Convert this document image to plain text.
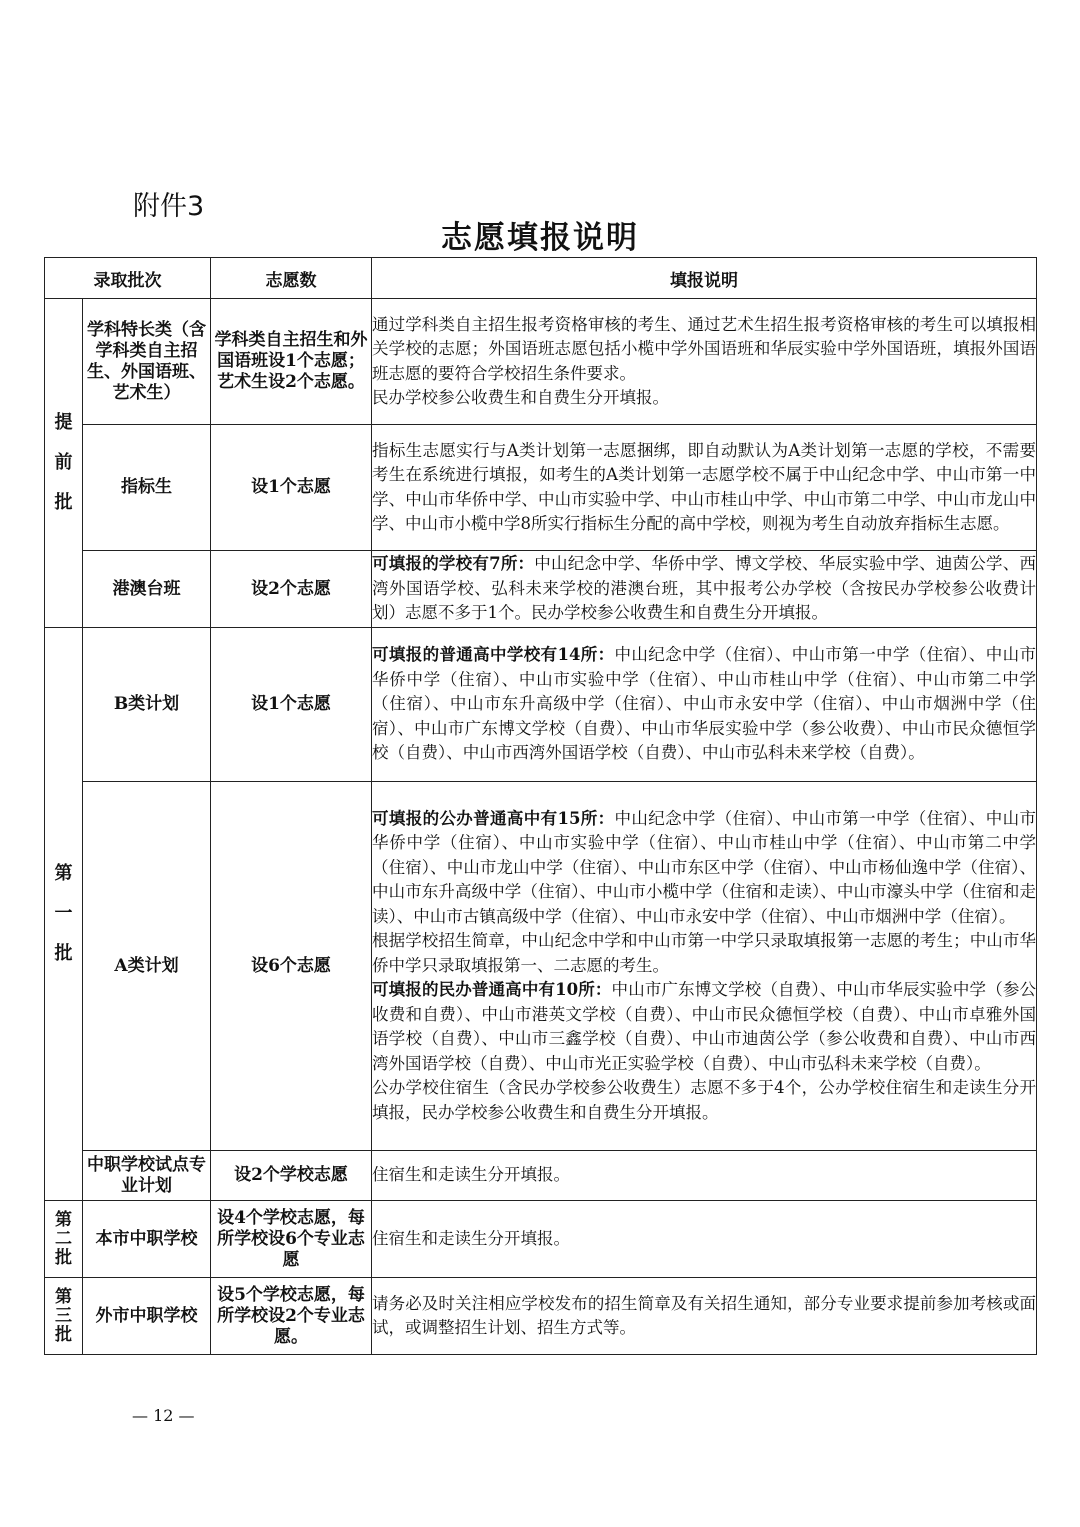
附件3
志愿填报说明
录取批次		志愿数	填报说明
提前批	学科特长类（含学科类自主招生、外国语班、艺术生）	学科类自主招生和外国语班设1个志愿；艺术生设2个志愿。	通过学科类自主招生报考资格审核的考生、通过艺术生招生报考资格审核的考生可以填报相关学校的志愿；外国语班志愿包括小榄中学外国语班和华辰实验中学外国语班，填报外国语班志愿的要符合学校招生条件要求。

民办学校参公收费生和自费生分开填报。

	指标生	设1个志愿	指标生志愿实行与A类计划第一志愿捆绑，即自动默认为A类计划第一志愿的学校，不需要考生在系统进行填报，如考生的A类计划第一志愿学校不属于中山纪念中学、中山市第一中学、中山市华侨中学、中山市实验中学、中山市桂山中学、中山市第二中学、中山市龙山中学、中山市小榄中学8所实行指标生分配的高中学校，则视为考生自动放弃指标生志愿。

	港澳台班	设2个志愿	可填报的学校有7所：中山纪念中学、华侨中学、博文学校、华辰实验中学、迪茵公学、西湾外国语学校、弘科未来学校的港澳台班，其中报考公办学校（含按民办学校参公收费计划）志愿不多于1个。民办学校参公收费生和自费生分开填报。

第一批	B类计划	设1个志愿	可填报的普通高中学校有14所：中山纪念中学（住宿）、中山市第一中学（住宿）、中山市华侨中学（住宿）、中山市实验中学（住宿）、中山市桂山中学（住宿）、中山市第二中学（住宿）、中山市东升高级中学（住宿）、中山市永安中学（住宿）、中山市烟洲中学（住宿）、中山市广东博文学校（自费）、中山市华辰实验中学（参公收费）、中山市民众德恒学校（自费）、中山市西湾外国语学校（自费）、中山市弘科未来学校（自费）。

	A类计划	设6个志愿	可填报的公办普通高中有15所：中山纪念中学（住宿）、中山市第一中学（住宿）、中山市华侨中学（住宿）、中山市实验中学（住宿）、中山市桂山中学（住宿）、中山市第二中学（住宿）、中山市龙山中学（住宿）、中山市东区中学（住宿）、中山市杨仙逸中学（住宿）、中山市东升高级中学（住宿）、中山市小榄中学（住宿和走读）、中山市濠头中学（住宿和走读）、中山市古镇高级中学（住宿）、中山市永安中学（住宿）、中山市烟洲中学（住宿）。

根据学校招生简章，中山纪念中学和中山市第一中学只录取填报第一志愿的考生；中山市华侨中学只录取填报第一、二志愿的考生。

可填报的民办普通高中有10所：中山市广东博文学校（自费）、中山市华辰实验中学（参公收费和自费）、中山市港英文学校（自费）、中山市民众德恒学校（自费）、中山市卓雅外国语学校（自费）、中山市三鑫学校（自费）、中山市迪茵公学（参公收费和自费）、中山市西湾外国语学校（自费）、中山市光正实验学校（自费）、中山市弘科未来学校（自费）。

公办学校住宿生（含民办学校参公收费生）志愿不多于4个，公办学校住宿生和走读生分开填报，民办学校参公收费生和自费生分开填报。

	中职学校试点专业计划	设2个学校志愿	住宿生和走读生分开填报。

第二批	本市中职学校	设4个学校志愿，每所学校设6个专业志愿	住宿生和走读生分开填报。

第三批	外市中职学校	设5个学校志愿，每所学校设2个专业志愿。	请务必及时关注相应学校发布的招生简章及有关招生通知，部分专业要求提前参加考核或面试，或调整招生计划、招生方式等。

— 12 —
